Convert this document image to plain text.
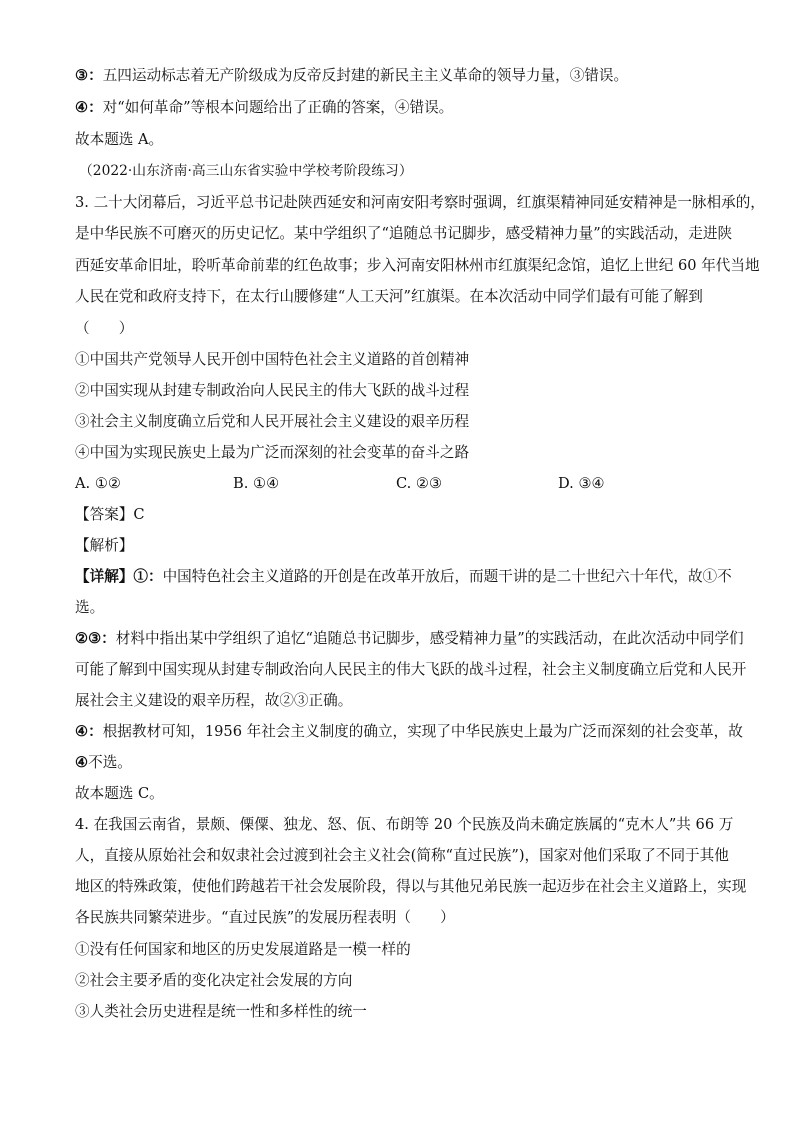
③：五四运动标志着无产阶级成为反帝反封建的新民主主义革命的领导力量，③错误。

④：对“如何革命”等根本问题给出了正确的答案，④错误。

故本题选 A。

（2022·山东济南·高三山东省实验中学校考阶段练习）

3. 二十大闭幕后，习近平总书记赴陕西延安和河南安阳考察时强调，红旗渠精神同延安精神是一脉相承的，

是中华民族不可磨灭的历史记忆。某中学组织了“追随总书记脚步，感受精神力量”的实践活动，走进陕

西延安革命旧址，聆听革命前辈的红色故事；步入河南安阳林州市红旗渠纪念馆，追忆上世纪 60 年代当地

人民在党和政府支持下，在太行山腰修建“人工天河”红旗渠。在本次活动中同学们最有可能了解到

（　　）

①中国共产党领导人民开创中国特色社会主义道路的首创精神

②中国实现从封建专制政治向人民民主的伟大飞跃的战斗过程

③社会主义制度确立后党和人民开展社会主义建设的艰辛历程

④中国为实现民族史上最为广泛而深刻的社会变革的奋斗之路

A. ①②	B. ①④	C. ②③	D. ③④

【答案】C

【解析】

【详解】①：中国特色社会主义道路的开创是在改革开放后，而题干讲的是二十世纪六十年代，故①不

选。

②③：材料中指出某中学组织了追忆“追随总书记脚步，感受精神力量”的实践活动，在此次活动中同学们

可能了解到中国实现从封建专制政治向人民民主的伟大飞跃的战斗过程，社会主义制度确立后党和人民开

展社会主义建设的艰辛历程，故②③正确。

④：根据教材可知，1956 年社会主义制度的确立，实现了中华民族史上最为广泛而深刻的社会变革，故

④不选。

故本题选 C。

4. 在我国云南省，景颇、傈僳、独龙、怒、佤、布朗等 20 个民族及尚未确定族属的“克木人”共 66 万

人，直接从原始社会和奴隶社会过渡到社会主义社会(简称“直过民族”)，国家对他们采取了不同于其他

地区的特殊政策，使他们跨越若干社会发展阶段，得以与其他兄弟民族一起迈步在社会主义道路上，实现

各民族共同繁荣进步。“直过民族”的发展历程表明（　　）

①没有任何国家和地区的历史发展道路是一模一样的

②社会主要矛盾的变化决定社会发展的方向

③人类社会历史进程是统一性和多样性的统一
